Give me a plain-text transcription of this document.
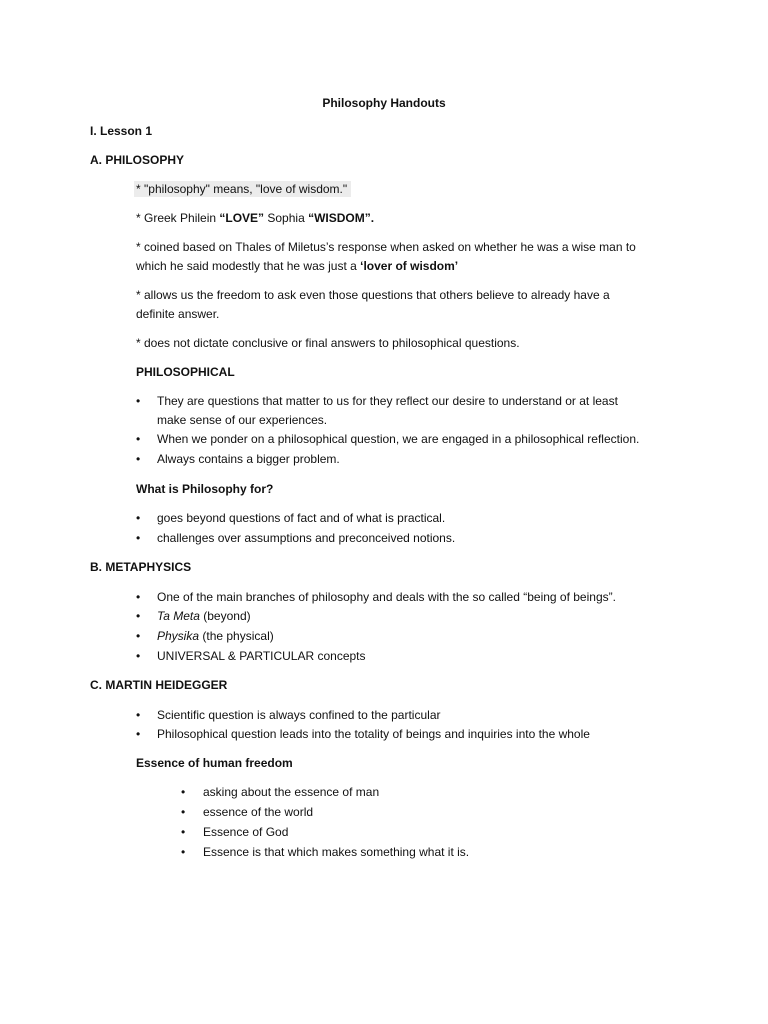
Philosophy Handouts
I. Lesson 1
A. PHILOSOPHY
* "philosophy" means, "love of wisdom."
* Greek Philein “LOVE” Sophia “WISDOM”.
* coined based on Thales of Miletus’s response when asked on whether he was a wise man to
which he said modestly that he was just a ‘lover of wisdom’
* allows us the freedom to ask even those questions that others believe to already have a
definite answer.
* does not dictate conclusive or final answers to philosophical questions.
PHILOSOPHICAL
• They are questions that matter to us for they reflect our desire to understand or at least
make sense of our experiences.
• When we ponder on a philosophical question, we are engaged in a philosophical reflection.
• Always contains a bigger problem.
What is Philosophy for?
• goes beyond questions of fact and of what is practical.
• challenges over assumptions and preconceived notions.
B. METAPHYSICS
• One of the main branches of philosophy and deals with the so called “being of beings”.
• Ta Meta (beyond)
• Physika (the physical)
• UNIVERSAL & PARTICULAR concepts
C. MARTIN HEIDEGGER
• Scientific question is always confined to the particular
• Philosophical question leads into the totality of beings and inquiries into the whole
Essence of human freedom
• asking about the essence of man
• essence of the world
• Essence of God
• Essence is that which makes something what it is.
